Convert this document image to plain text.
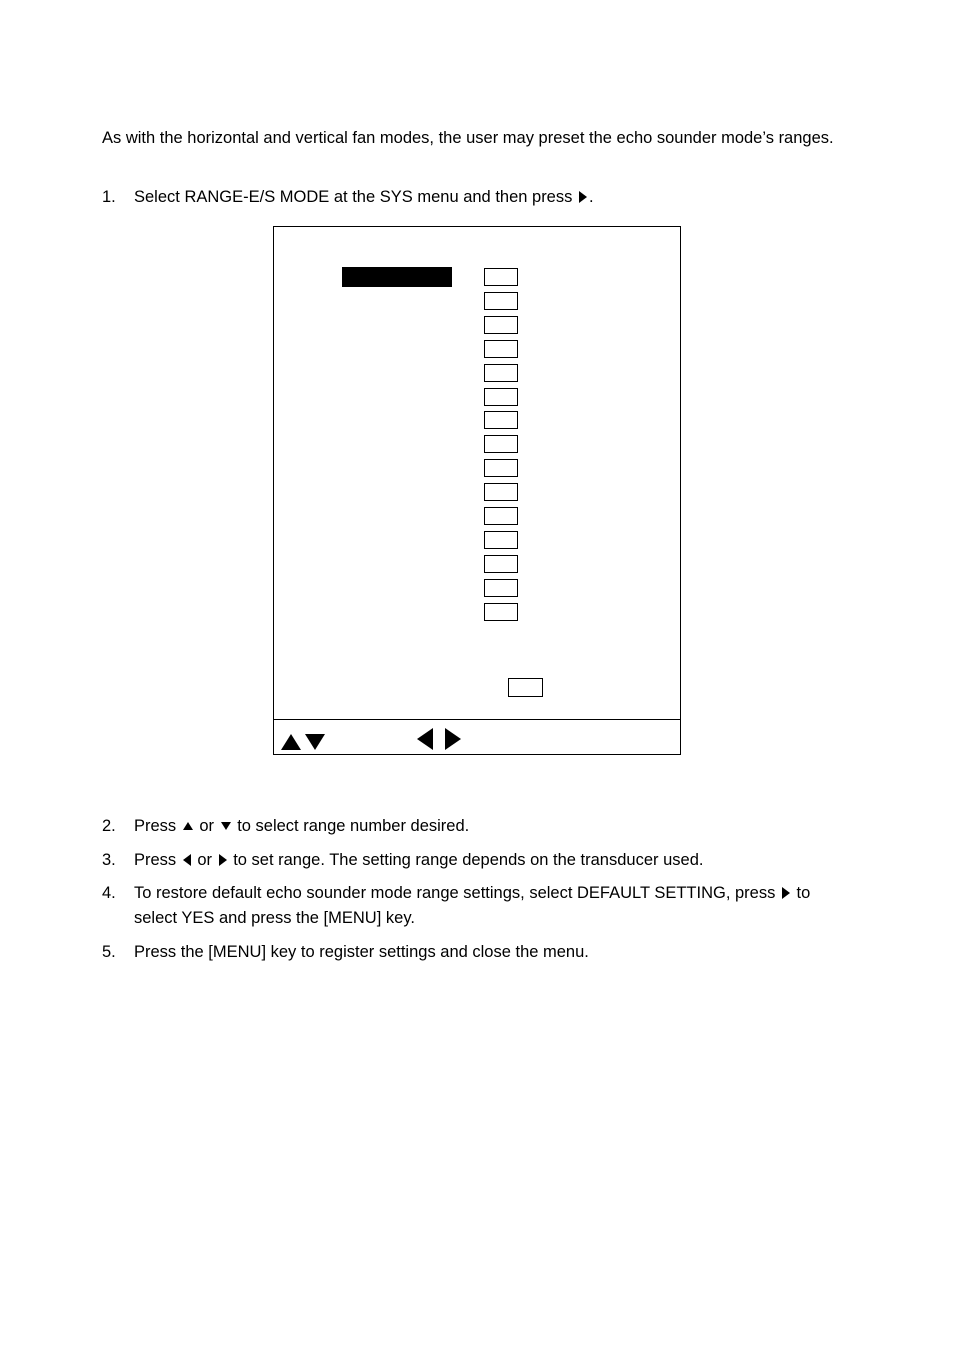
As with the horizontal and vertical fan modes, the user may preset the echo sounder mode’s ranges.

1. Select RANGE-E/S MODE at the SYS menu and then press .
2. Press  or  to select range number desired.
3. Press  or  to set range. The setting range depends on the transducer used.
4. To restore default echo sounder mode range settings, select DEFAULT SETTING, press  to select YES and press the [MENU] key.
5. Press the [MENU] key to register settings and close the menu.
